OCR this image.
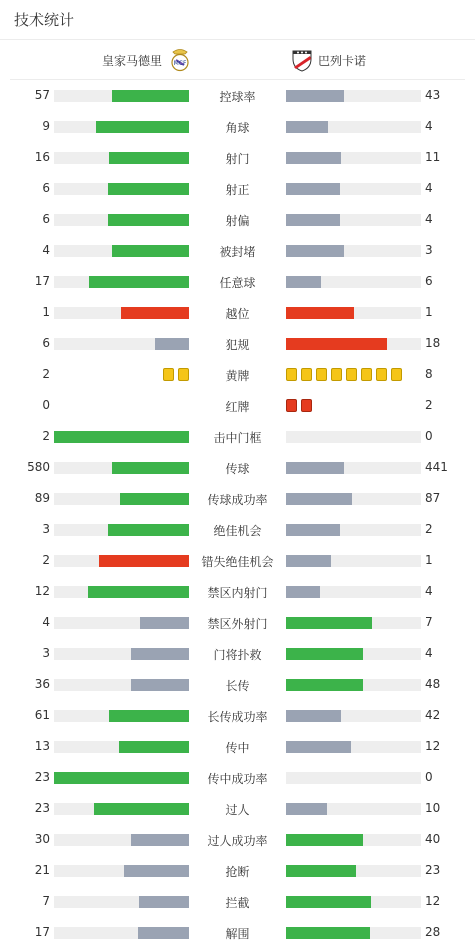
技术统计
皇家马德里 MCF	巴列卡诺
57	控球率	43
9	角球	4
16	射门	11
6	射正	4
6	射偏	4
4	被封堵	3
17	任意球	6
1	越位	1
6	犯规	18
2	黄牌	8
0	红牌	2
2	击中门框	0
580	传球	441
89	传球成功率	87
3	绝佳机会	2
2	错失绝佳机会	1
12	禁区内射门	4
4	禁区外射门	7
3	门将扑救	4
36	长传	48
61	长传成功率	42
13	传中	12
23	传中成功率	0
23	过人	10
30	过人成功率	40
21	抢断	23
7	拦截	12
17	解围	28
